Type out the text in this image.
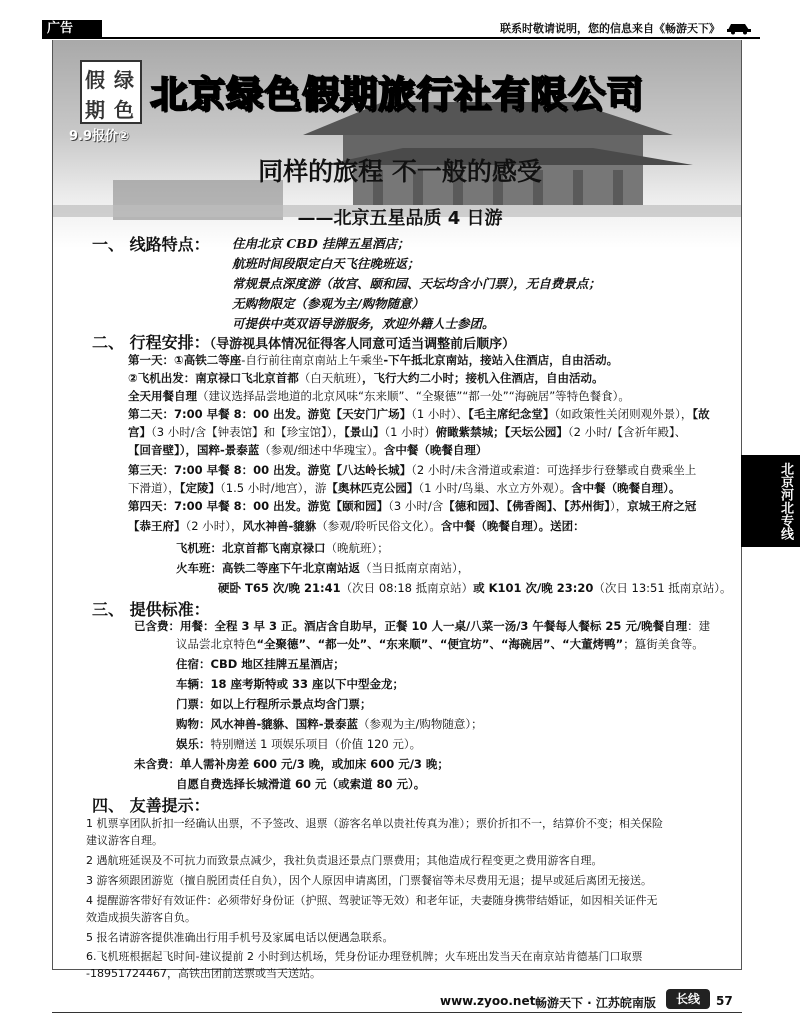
广告	联系时敬请说明，您的信息来自《畅游天下》
假 绿
期 色 北京绿色假期旅行社有限公司
9.9报价②
同样的旅程 不一般的感受
——北京五星品质 4 日游
一、 线路特点： 住甪北京 CBD 挂牌五星酒店；
航班时间段限定白天飞往晚班返；
常规景点深度游（故宫、颐和园、天坛均含小门票），无自费景点；
无购物限定（参观为主/购物随意）
可提供中英双语导游服务，欢迎外籍人士参团。
二、 行程安排：（导游视具体情况征得客人同意可适当调整前后顺序）
第一天：①高铁二等座-自行前往南京南站上午乘坐-下午抵北京南站，接站入住酒店，自由活动。
②飞机出发：南京禄口飞北京首都（白天航班），飞行大约二小时；接机入住酒店，自由活动。
全天用餐自理（建议选择品尝地道的北京风味“东来顺”、“全聚德”“都一处”“海碗居”等特色餐食）。
第二天：7:00 早餐 8：00 出发。游览【天安门广场】（1 小时）、【毛主席纪念堂】（如政策性关闭则观外景），【故
宫】（3 小时/含【钟表馆】和【珍宝馆】），【景山】（1 小时）俯瞰紫禁城；【天坛公园】（2 小时/【含祈年殿】、
【回音壁】），国粹-景泰蓝（参观/细述中华瑰宝）。含中餐（晚餐自理）
第三天：7:00 早餐 8：00 出发。游览【八达岭长城】（2 小时/未含滑道或索道：可选择步行登攀或自费乘坐上
下滑道），【定陵】（1.5 小时/地宫），游【奥林匹克公园】（1 小时/鸟巢、水立方外观）。含中餐（晚餐自理）。
第四天：7:00 早餐 8：00 出发。游览【颐和园】（3 小时/含【德和园】、【佛香阁】、【苏州街】），京城王府之冠
【恭王府】（2 小时），风水神兽-貔貅（参观/聆听民俗文化）。含中餐（晚餐自理）。送团：
飞机班：北京首都飞南京禄口（晚航班）；
火车班：高铁二等座下午北京南站返（当日抵南京南站），
硬卧 T65 次/晚 21:41（次日 08:18 抵南京站）或 K101 次/晚 23:20（次日 13:51 抵南京站）。
三、 提供标准：
已含费：用餐：全程 3 早 3 正。酒店含自助早，正餐 10 人一桌/八菜一汤/3 午餐每人餐标 25 元/晚餐自理：建
议品尝北京特色“全聚德”、“都一处”、“东来顺”、“便宜坊”、“海碗居”、“大董烤鸭”；簋街美食等。
住宿：CBD 地区挂牌五星酒店；
车辆：18 座考斯特或 33 座以下中型金龙；
门票：如以上行程所示景点均含门票；
购物：风水神兽-貔貅、国粹-景泰蓝（参观为主/购物随意）；
娱乐：特别赠送 1 项娱乐项目（价值 120 元）。
未含费：单人需补房差 600 元/3 晚，或加床 600 元/3 晚；
自愿自费选择长城滑道 60 元（或索道 80 元）。
四、 友善提示：
1 机票享团队折扣一经确认出票，不予签改、退票（游客名单以贵社传真为准）；票价折扣不一，结算价不变；相关保险
建议游客自理。
2 遇航班延误及不可抗力而致景点减少，我社负责退还景点门票费用；其他造成行程变更之费用游客自理。
3 游客须跟团游览（擅自脱团责任自负），因个人原因申请离团，门票餐宿等未尽费用无退；提早或延后离团无接送。
4 提醒游客带好有效证件：必须带好身份证（护照、驾驶证等无效）和老年证，夫妻随身携带结婚证，如因相关证件无
效造成损失游客自负。
5 报名请游客提供准确出行用手机号及家属电话以便遇急联系。
6.飞机班根据起飞时间-建议提前 2 小时到达机场，凭身份证办理登机牌；火车班出发当天在南京站肯德基门口取票
-18951724467，高铁出团前送票或当天送站。
北京河北专线
www.zyoo.net 畅游天下 · 江苏皖南版	长线	57
